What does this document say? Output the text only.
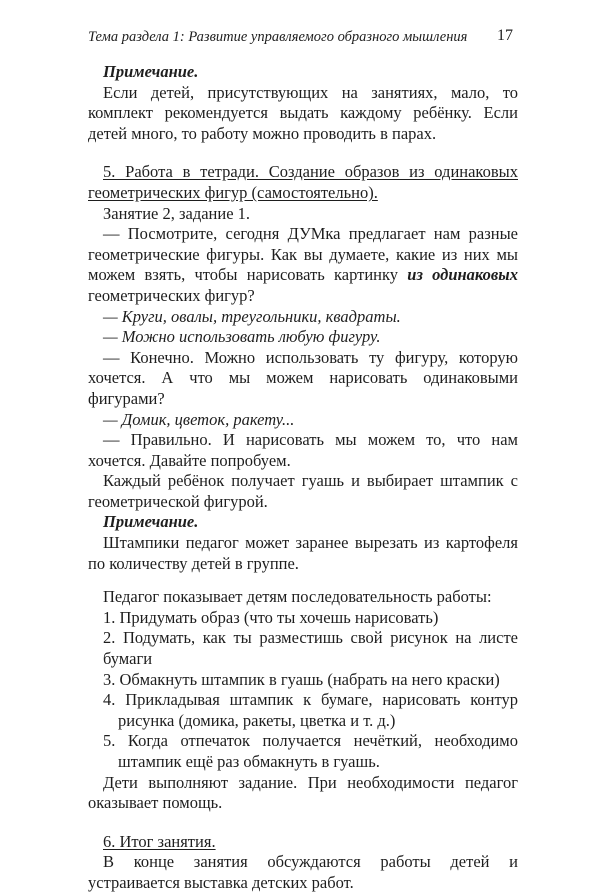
Тема раздела 1: Развитие управляемого образного мышления	17

Примечание.

Если детей, присутствующих на занятиях, мало, то комплект рекомендуется выдать каждому ребёнку. Если детей много, то работу можно проводить в парах.

5. Работа в тетради. Создание образов из одинаковых геометрических фигур (самостоятельно).

Занятие 2, задание 1.

— Посмотрите, сегодня ДУМка предлагает нам разные геометрические фигуры. Как вы думаете, какие из них мы можем взять, чтобы нарисовать картинку из одинаковых геометрических фигур?

— Круги, овалы, треугольники, квадраты.

— Можно использовать любую фигуру.

— Конечно. Можно использовать ту фигуру, которую хочется. А что мы можем нарисовать одинаковыми фигурами?

— Домик, цветок, ракету...

— Правильно. И нарисовать мы можем то, что нам хочется. Давайте попробуем.

Каждый ребёнок получает гуашь и выбирает штампик с геометрической фигурой.

Примечание.

Штампики педагог может заранее вырезать из картофеля по количеству детей в группе.

Педагог показывает детям последовательность работы:

1. Придумать образ (что ты хочешь нарисовать)

2. Подумать, как ты разместишь свой рисунок на листе бумаги

3. Обмакнуть штампик в гуашь (набрать на него краски)

4. Прикладывая штампик к бумаге, нарисовать контур рисунка (домика, ракеты, цветка и т. д.)

5. Когда отпечаток получается нечёткий, необходимо штампик ещё раз обмакнуть в гуашь.

Дети выполняют задание. При необходимости педагог оказывает помощь.

6. Итог занятия.

В конце занятия обсуждаются работы детей и устраивается выставка детских работ.
